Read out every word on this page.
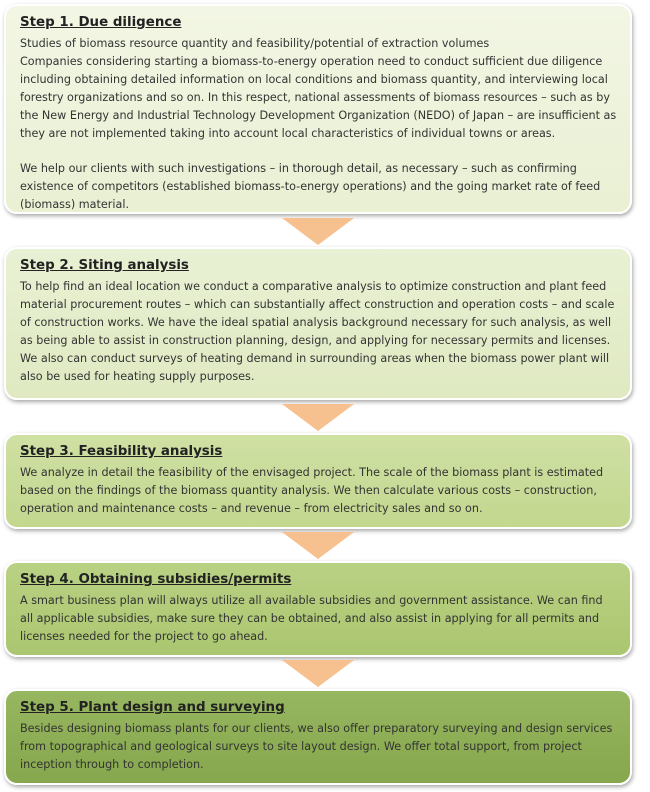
Step 1. Due diligence

Studies of biomass resource quantity and feasibility/potential of extraction volumes

Companies considering starting a biomass-to-energy operation need to conduct sufficient due diligence including obtaining detailed information on local conditions and biomass quantity, and interviewing local forestry organizations and so on. In this respect, national assessments of biomass resources – such as by the New Energy and Industrial Technology Development Organization (NEDO) of Japan – are insufficient as they are not implemented taking into account local characteristics of individual towns or areas.

We help our clients with such investigations – in thorough detail, as necessary – such as confirming existence of competitors (established biomass-to-energy operations) and the going market rate of feed (biomass) material.

Step 2. Siting analysis

To help find an ideal location we conduct a comparative analysis to optimize construction and plant feed material procurement routes – which can substantially affect construction and operation costs – and scale of construction works. We have the ideal spatial analysis background necessary for such analysis, as well as being able to assist in construction planning, design, and applying for necessary permits and licenses. We also can conduct surveys of heating demand in surrounding areas when the biomass power plant will also be used for heating supply purposes.

Step 3. Feasibility analysis

We analyze in detail the feasibility of the envisaged project. The scale of the biomass plant is estimated based on the findings of the biomass quantity analysis. We then calculate various costs – construction, operation and maintenance costs – and revenue – from electricity sales and so on.

Step 4. Obtaining subsidies/permits

A smart business plan will always utilize all available subsidies and government assistance. We can find all applicable subsidies, make sure they can be obtained, and also assist in applying for all permits and licenses needed for the project to go ahead.

Step 5. Plant design and surveying

Besides designing biomass plants for our clients, we also offer preparatory surveying and design services from topographical and geological surveys to site layout design. We offer total support, from project inception through to completion.
